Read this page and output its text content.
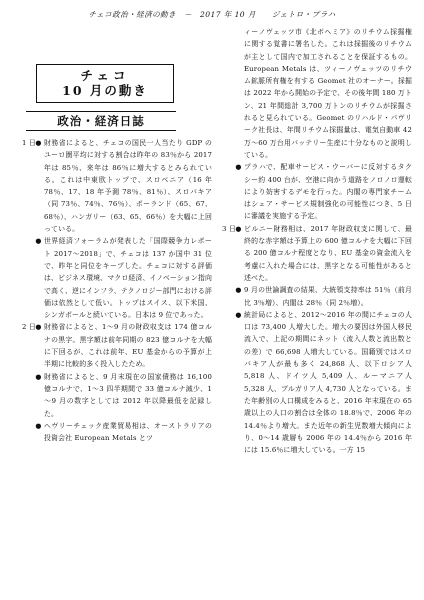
チェコ政治・経済の動き　－　2017 年 10 月　　ジェトロ・プラハ
チェコ
10 月の動き
政治・経済日誌

1 日● 財務省によると、チェコの国民一人当たり GDP のユーロ圏平均に対する割合は昨年の 83％から 2017 年は 85％、来年は 86％に増大するとみられている。これは中東欧トップで、スロベニア（16 年 78％、17、18 年予測 78％、81％）、スロバキア（同 73％、74％、76％）、ポーランド（65、67、68％）、ハンガリー（63、65、66％）を大幅に上回っている。

● 世界経済フォーラムが発表した「国際競争力レポート 2017～2018」で、チェコは 137 か国中 31 位で、昨年と同位をキープした。チェコに対する評価は、ビジネス環境、マクロ経済、イノベーション指向で高く、逆にインフラ、テクノロジー部門における評価は依然として低い。トップはスイス、以下米国、シンガポールと続いている。日本は 9 位であった。

2 日● 財務省によると、1～9 月の財政収支は 174 億コルナの黒字。黒字額は前年同期の 823 億コルナを大幅に下回るが、これは前年、EU 基金からの予算が上半期に比較的多く投入したため。

● 財務省によると、9 月末現在の国家債務は 16,100 億コルナで、1～3 四半期間で 33 億コルナ減少、1～9 月の数字としては 2012 年以降最低を記録した。

● ヘヴリーチェック産業貿易相は、オーストラリアの投資会社 European Metals とツ

ィーノヴェッツ市《北ボヘミア》のリチウム採掘権に関する覚書に署名した。これは採掘後のリチウムが主として国内で加工されることを保証するもの。European Metals は、ツィーノヴェッツのリチウム鉱脈所有権を有する Geomet 社のオーナー。採掘は 2022 年から開始の予定で、その後年間 180 万トン、21 年間総計 3,700 万トンのリチウムが採掘されると見られている。Geomet のリハルド・パヴリーク社長は、年間リチウム採掘量は、電気自動車 42 万～60 万台用バッテリー生産に十分なものと説明している。

● プラハで、配車サービス・ウーバーに反対するタクシー約 400 台が、空港に向かう道路をノロノロ運転により妨害するデモを行った。内閣の専門家チームはシェア・サービス規制強化の可能性につき、5 日に審議を実施する予定。

3 日● ビルニー財務相は、2017 年財政収支に関して、最終的な赤字額は予算上の 600 億コルナを大幅に下回る 200 億コルナ程度となり、EU 基金の資金流入を考慮に入れた場合には、黒字となる可能性があると述べた。

● 9 月の世論調査の結果、大統領支持率は 51％（前月比 3％増）、内閣は 28％（同 2％増）。

● 統計局によると、2012～2016 年の間にチェコの人口は 73,400 人増大した。増大の要因は外国人移民流入で、上記の期間にネット（流入人数と流出数との差）で 66,698 人増大している。国籍別ではスロバキア人が最も多く 24,868 人、以下ロシア人 5,818 人、ドイツ人 5,409 人、ルーマニア人 5,328 人、ブルガリア人 4,730 人となっている。また年齢別の人口構成をみると、2016 年末現在の 65 歳以上の人口の割合は全体の 18.8％で、2006 年の 14.4％より増大。また近年の新生児数増大傾向により、0～14 歳層も 2006 年の 14.4％から 2016 年には 15.6％に増大している。一方 15
